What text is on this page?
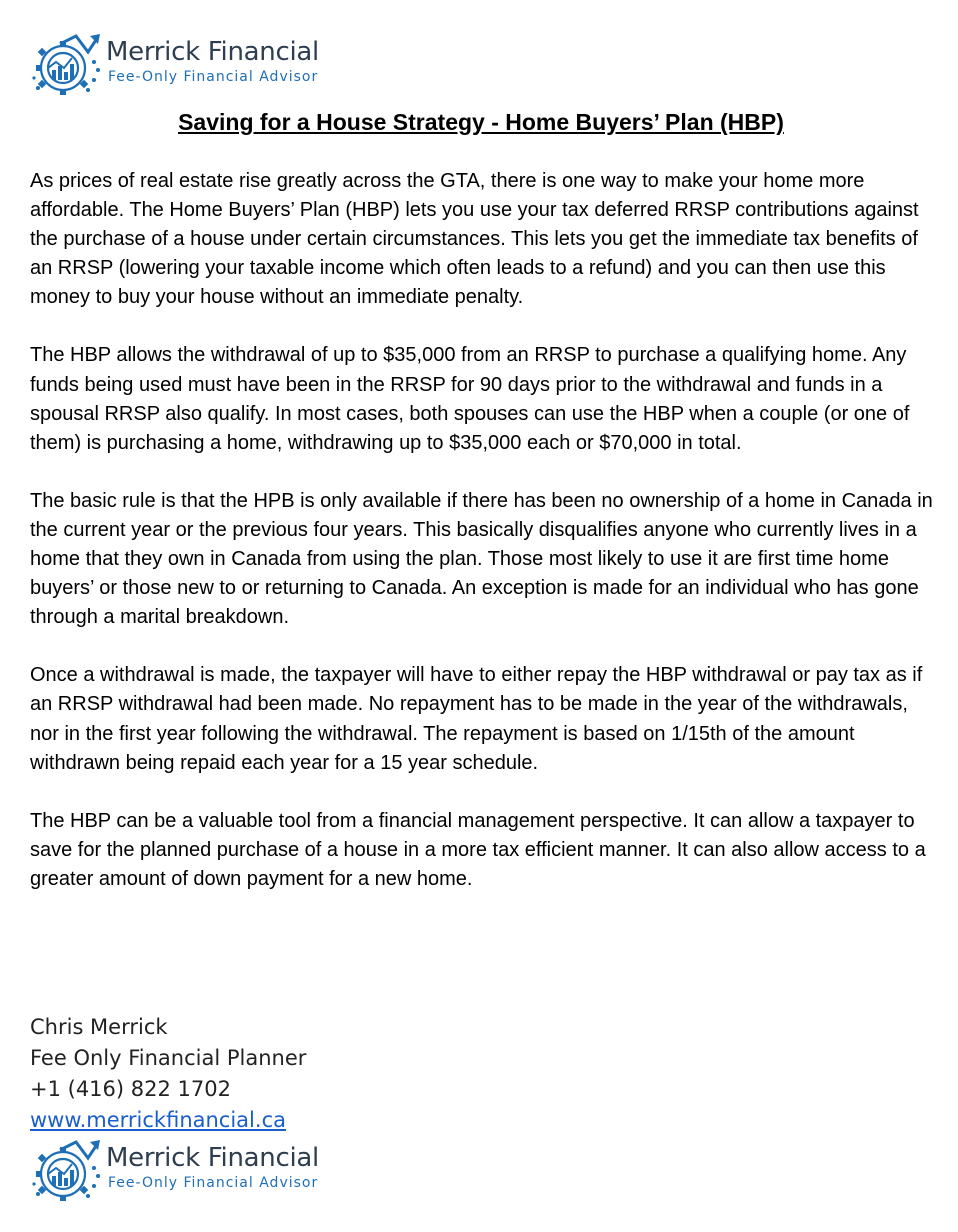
Merrick Financial
Fee-Only Financial Advisor
Saving for a House Strategy - Home Buyers’ Plan (HBP)

As prices of real estate rise greatly across the GTA, there is one way to make your home more affordable. The Home Buyers’ Plan (HBP) lets you use your tax deferred RRSP contributions against the purchase of a house under certain circumstances. This lets you get the immediate tax benefits of an RRSP (lowering your taxable income which often leads to a refund) and you can then use this money to buy your house without an immediate penalty.

The HBP allows the withdrawal of up to $35,000 from an RRSP to purchase a qualifying home. Any funds being used must have been in the RRSP for 90 days prior to the withdrawal and funds in a spousal RRSP also qualify. In most cases, both spouses can use the HBP when a couple (or one of them) is purchasing a home, withdrawing up to $35,000 each or $70,000 in total.

The basic rule is that the HPB is only available if there has been no ownership of a home in Canada in the current year or the previous four years. This basically disqualifies anyone who currently lives in a home that they own in Canada from using the plan. Those most likely to use it are first time home buyers’ or those new to or returning to Canada. An exception is made for an individual who has gone through a marital breakdown.

Once a withdrawal is made, the taxpayer will have to either repay the HBP withdrawal or pay tax as if an RRSP withdrawal had been made. No repayment has to be made in the year of the withdrawals, nor in the first year following the withdrawal. The repayment is based on 1/15th of the amount withdrawn being repaid each year for a 15 year schedule.

The HBP can be a valuable tool from a financial management perspective. It can allow a taxpayer to save for the planned purchase of a house in a more tax efficient manner. It can also allow access to a greater amount of down payment for a new home.

Chris Merrick
Fee Only Financial Planner
+1 (416) 822 1702
www.merrickfinancial.ca
Merrick Financial
Fee-Only Financial Advisor
